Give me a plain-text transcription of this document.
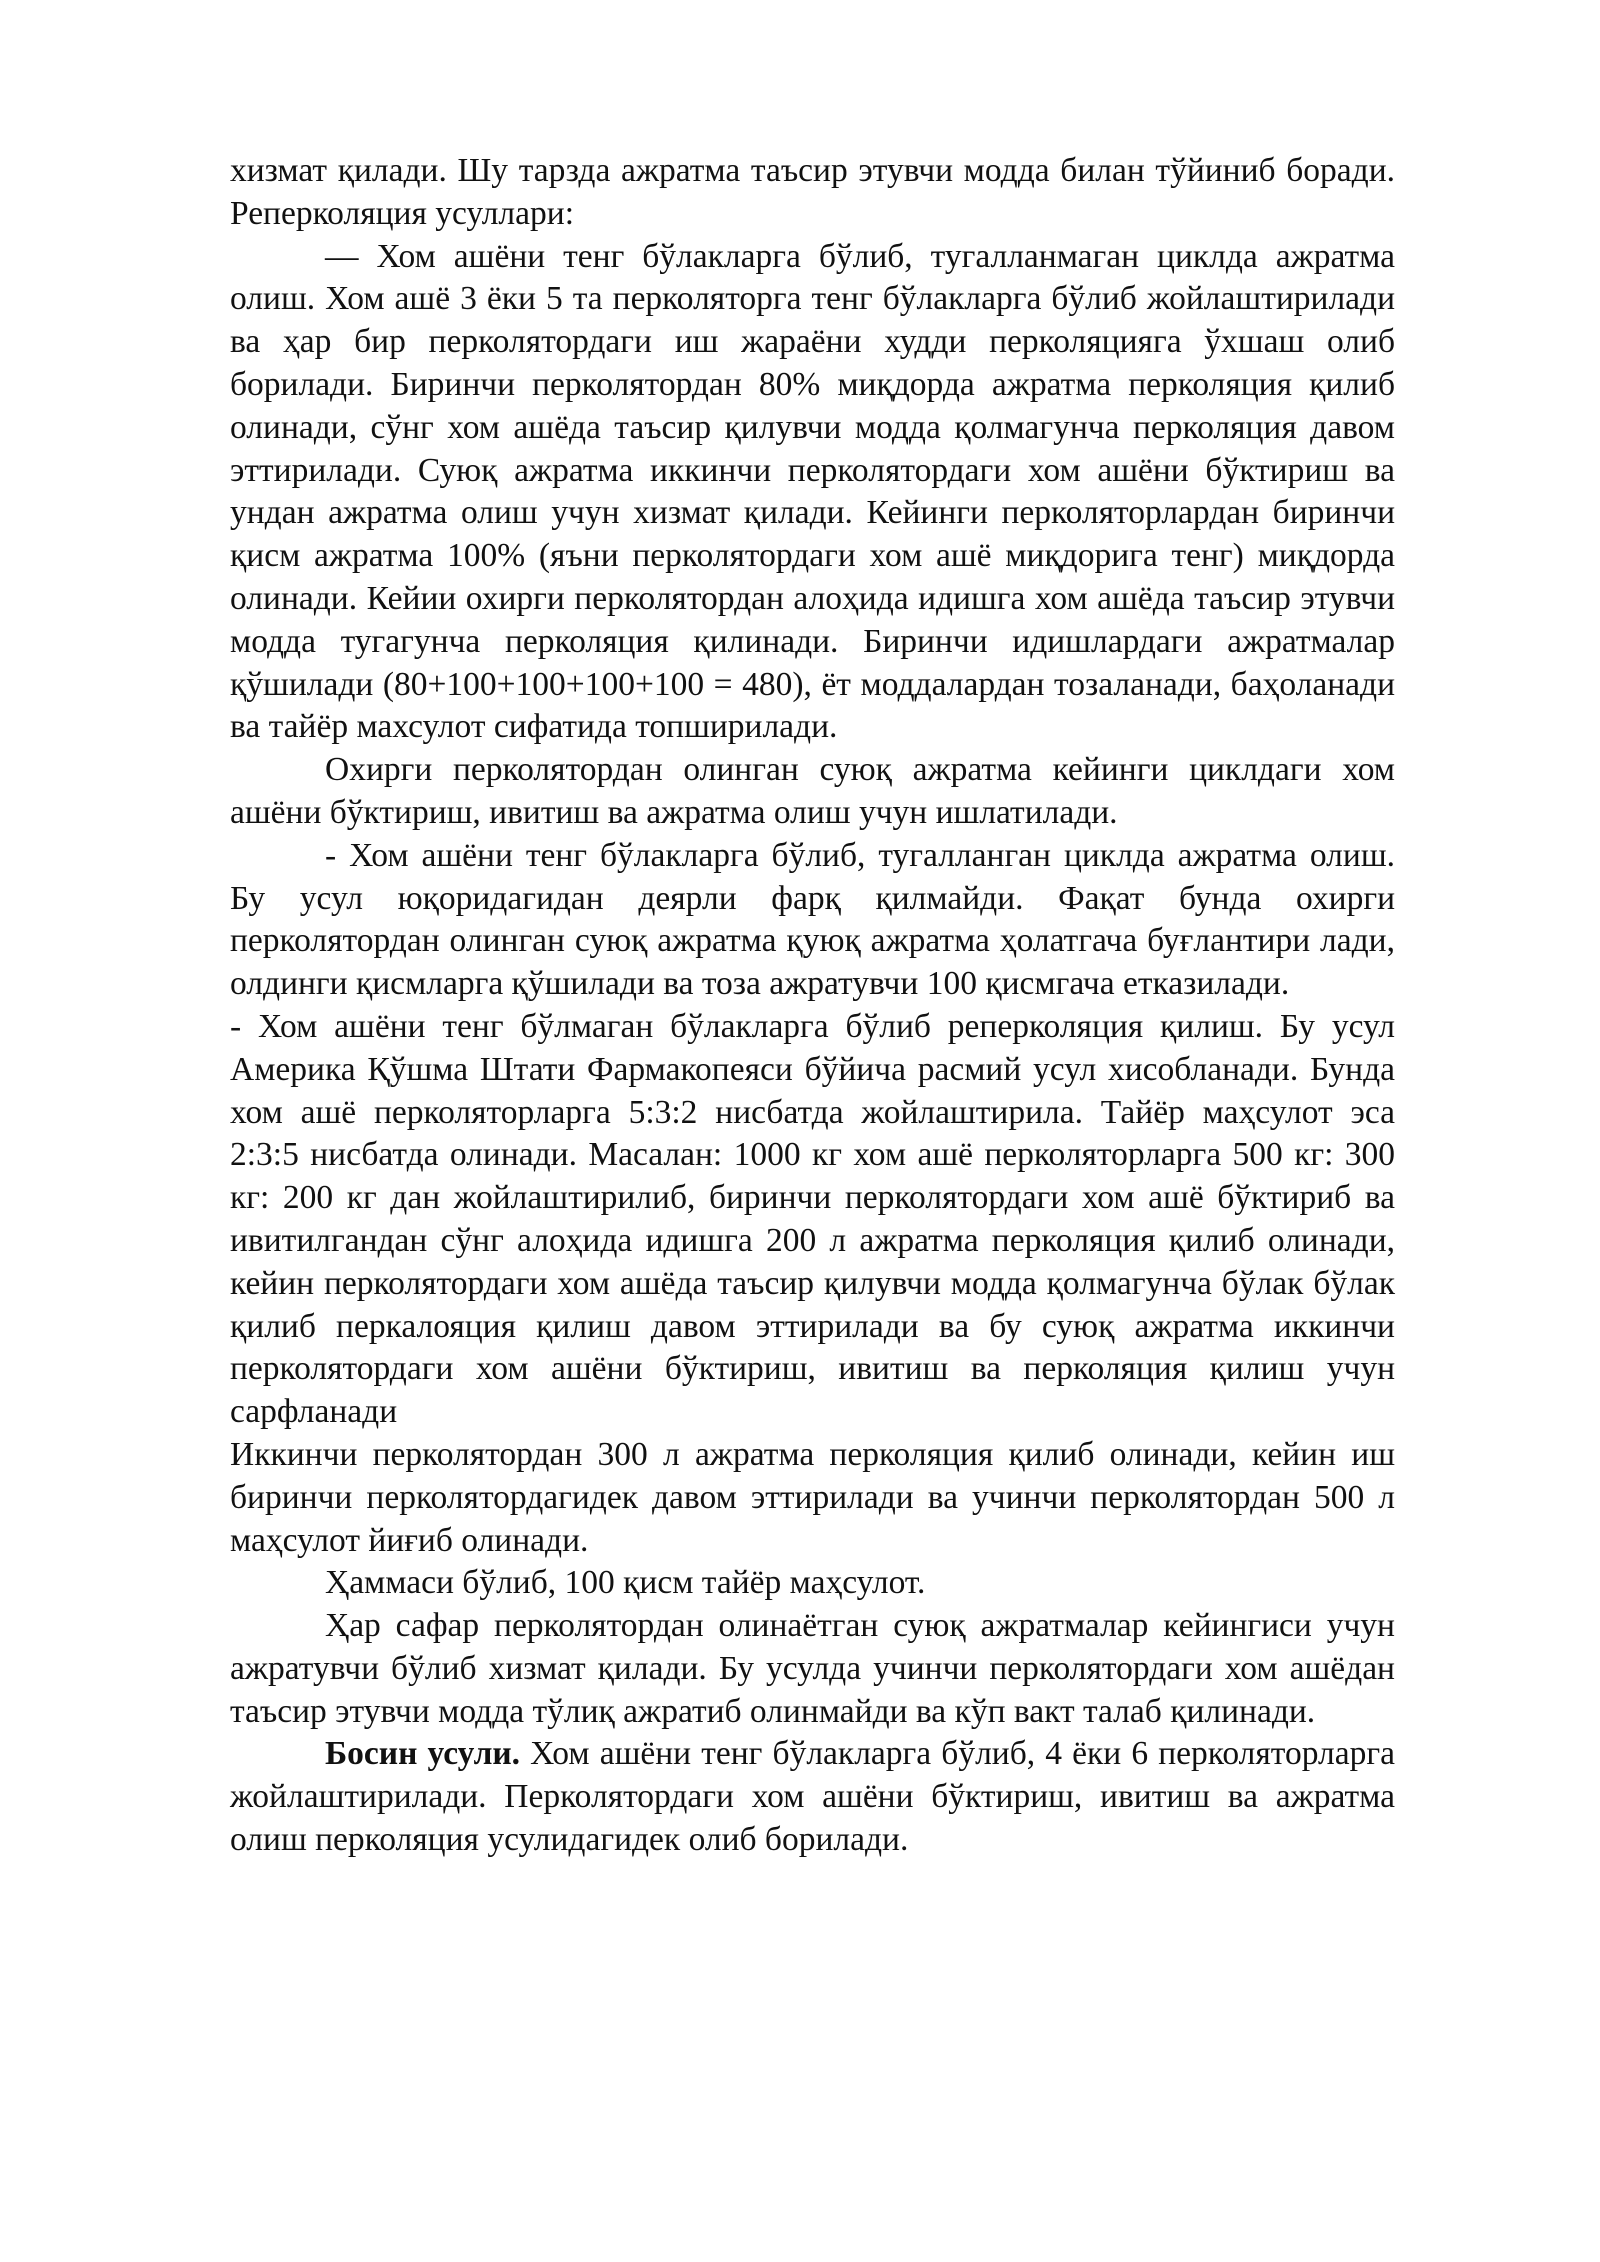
хизмат қилади. Шу тарзда ажратма таъсир этувчи модда билан тўйиниб боради. Реперколяция усуллари:

— Хом ашёни тенг бўлакларга бўлиб, тугалланмаган циклда ажратма олиш. Хом ашё 3 ёки 5 та перколяторга тенг бўлакларга бўлиб жойлаштирилади ва ҳар бир перколятордаги иш жараёни худди перколяцияга ўхшаш олиб борилади. Биринчи перколятордан 80% миқдорда ажратма перколяция қилиб олинади, сўнг хом ашёда таъсир қилувчи модда қолмагунча перколяция давом эттирилади. Суюқ ажратма иккинчи перколятордаги хом ашёни бўктириш ва ундан ажратма олиш учун хизмат қилади. Кейинги перколяторлардан биринчи қисм ажратма 100% (яъни перколятордаги хом ашё миқдорига тенг) миқдорда олинади. Кейии охирги перколятордан алоҳида идишга хом ашёда таъсир этувчи модда тугагунча перколяция қилинади. Биринчи идишлардаги ажратмалар қўшилади (80+100+100+100+100 = 480), ёт моддалардан тозаланади, баҳоланади ва тайёр махсулот сифатида топширилади.

Охирги перколятордан олинган суюқ ажратма кейинги циклдаги хом ашёни бўктириш, ивитиш ва ажратма олиш учун ишлатилади.

- Хом ашёни тенг бўлакларга бўлиб, тугалланган циклда ажратма олиш. Бу усул юқоридагидан деярли фарқ қилмайди. Фақат бунда охирги перколятордан олинган суюқ ажратма қуюқ ажратма ҳолатгача буғлантири лади, олдинги қисмларга қўшилади ва тоза ажратувчи 100 қисмгача етказилади.

- Хом ашёни тенг бўлмаган бўлакларга бўлиб реперколяция қилиш. Бу усул Америка Қўшма Штати Фармакопеяси бўйича расмий усул хисобланади. Бунда хом ашё перколяторларга 5:3:2 нисбатда жойлаштирила. Тайёр маҳсулот эса 2:3:5 нисбатда олинади. Масалан: 1000 кг хом ашё перколяторларга 500 кг: 300 кг: 200 кг дан жойлаштирилиб, биринчи перколятордаги хом ашё бўктириб ва ивитилгандан сўнг алоҳида идишга 200 л ажратма перколяция қилиб олинади, кейин перколятордаги хом ашёда таъсир қилувчи модда қолмагунча бўлак бўлак қилиб перкалояция қилиш давом эттирилади ва бу суюқ ажратма иккинчи перколятордаги хом ашёни бўктириш, ивитиш ва перколяция қилиш учун сарфланади

Иккинчи перколятордан 300 л ажратма перколяция қилиб олинади, кейин иш биринчи перколятордагидек давом эттирилади ва учинчи перколятордан 500 л маҳсулот йиғиб олинади.

Ҳаммаси бўлиб, 100 қисм тайёр маҳсулот.

Ҳар сафар перколятордан олинаётган суюқ ажратмалар кейингиси учун ажратувчи бўлиб хизмат қилади. Бу усулда учинчи перколятордаги хом ашёдан таъсир этувчи модда тўлиқ ажратиб олинмайди ва кўп вакт талаб қилинади.

Босин усули. Хом ашёни тенг бўлакларга бўлиб, 4 ёки 6 перколяторларга жойлаштирилади. Перколятордаги хом ашёни бўктириш, ивитиш ва ажратма олиш перколяция усулидагидек олиб борилади.
